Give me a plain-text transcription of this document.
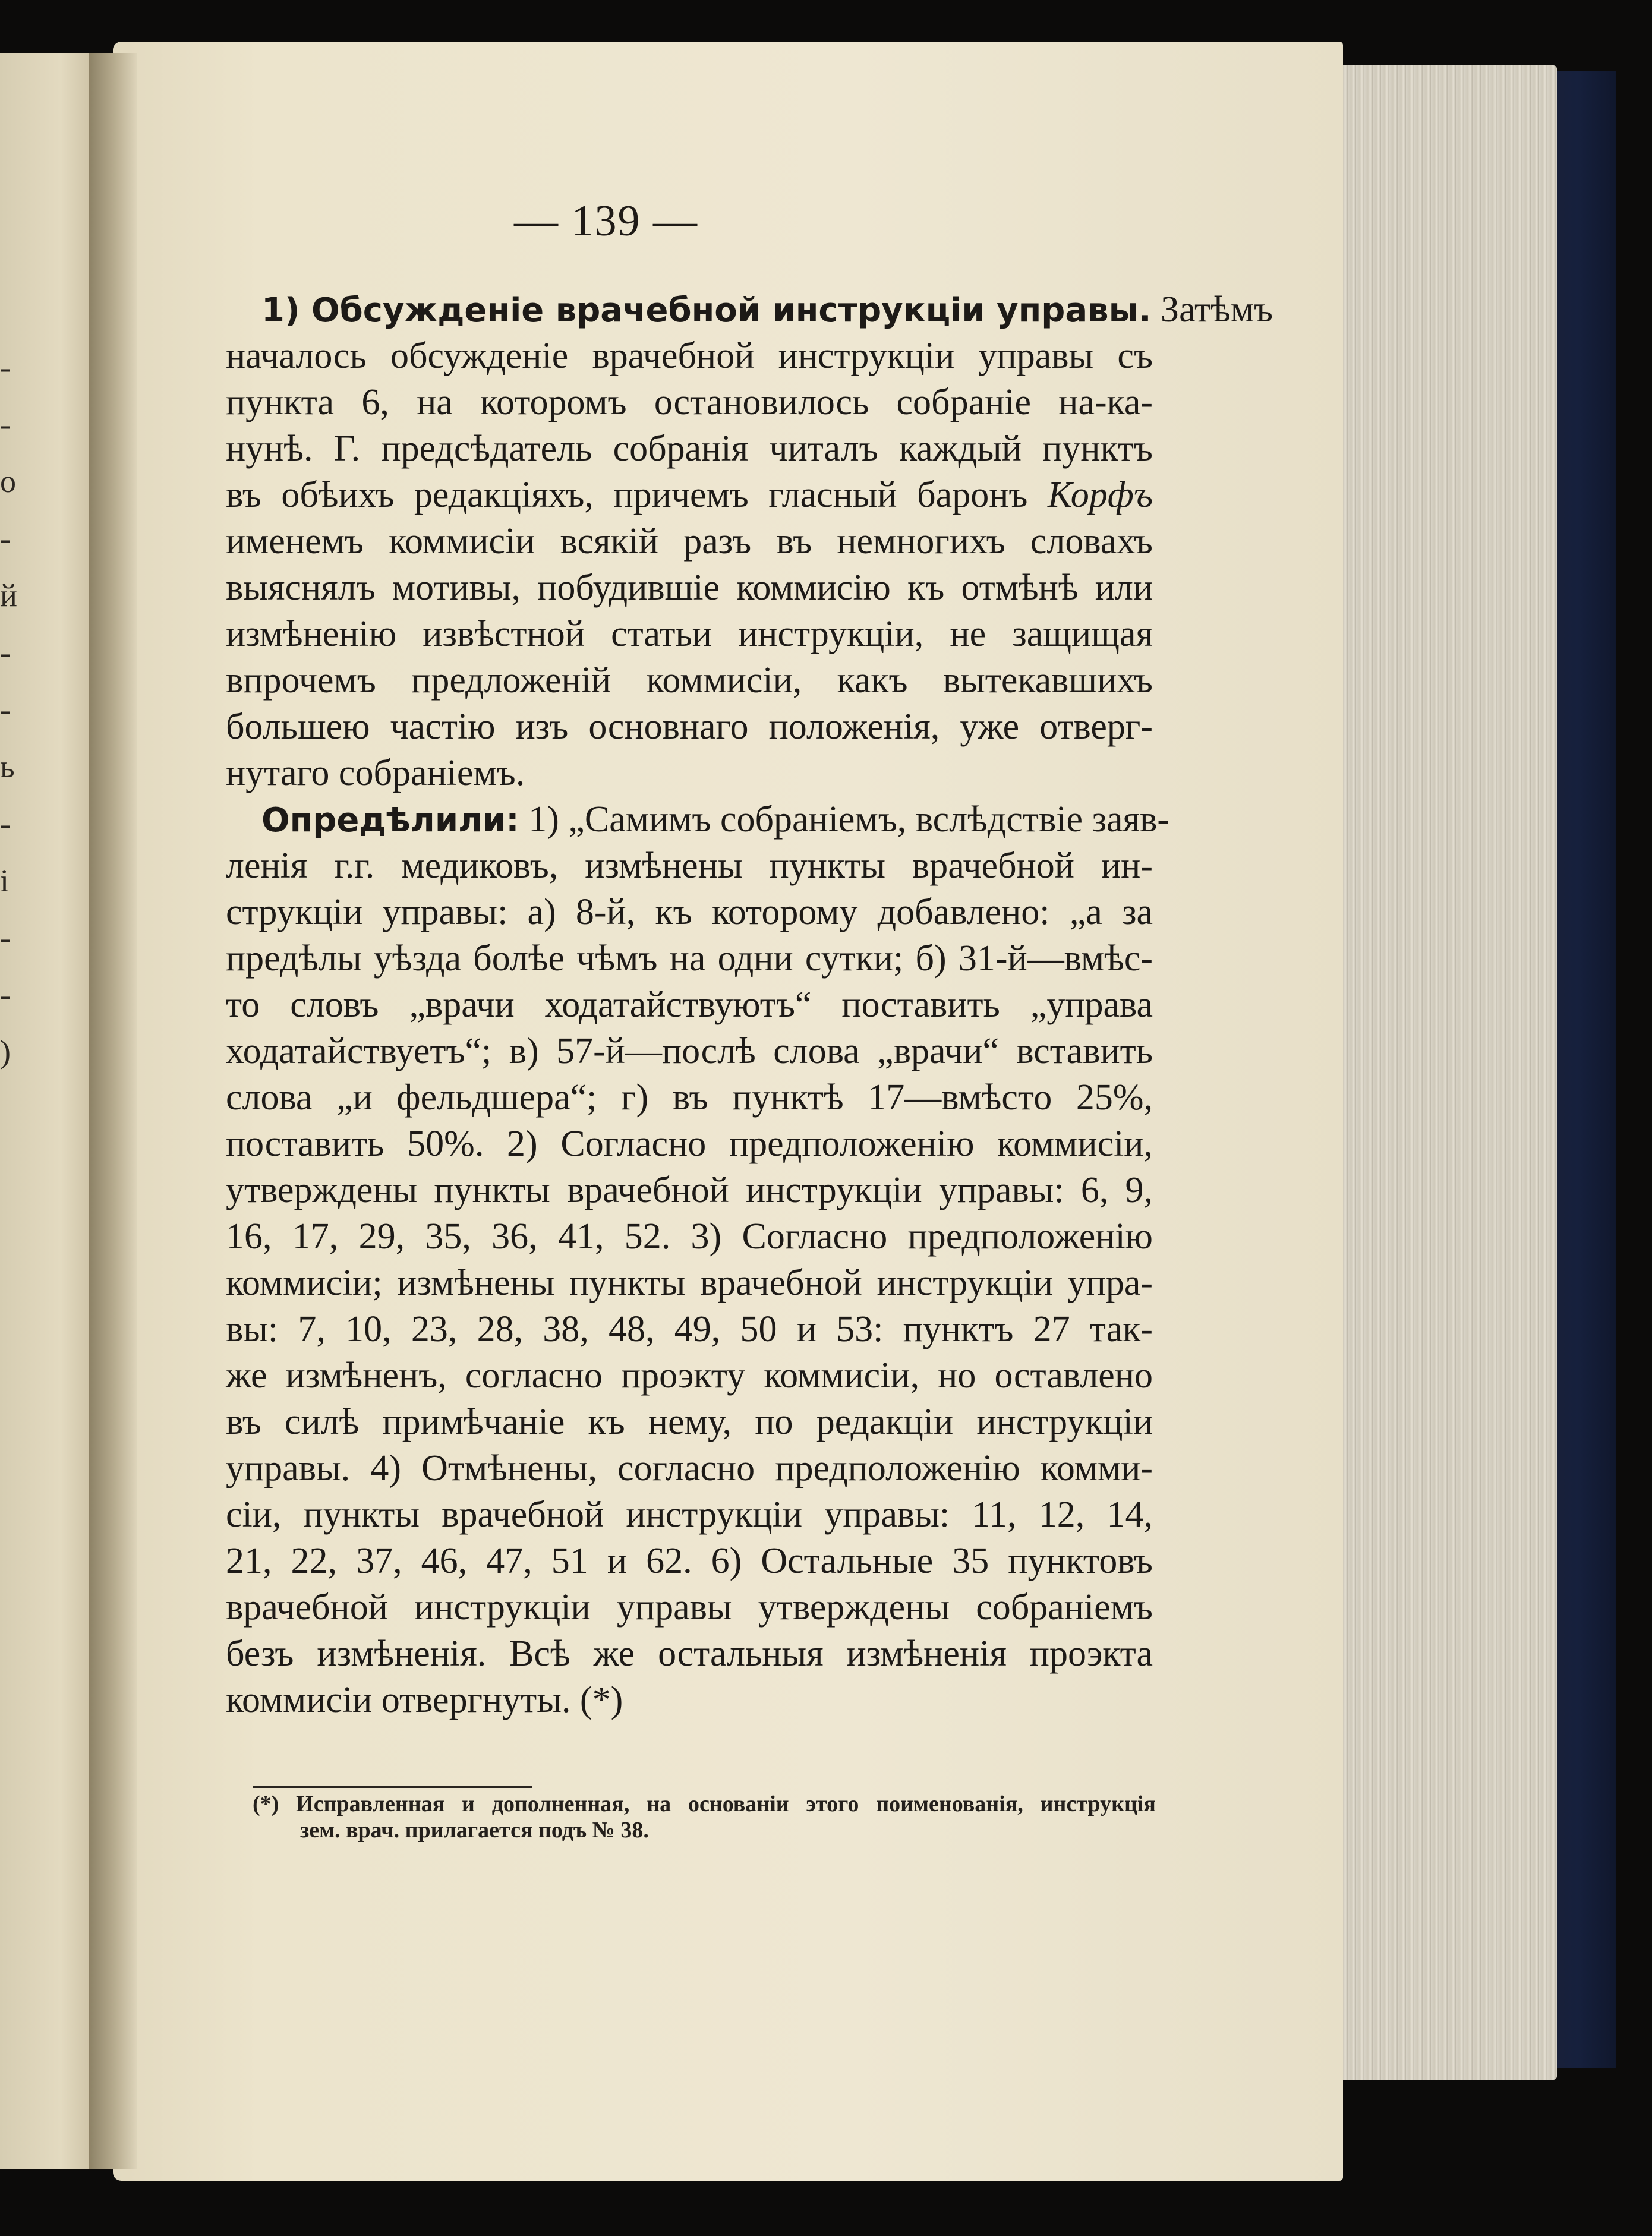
-
-
о
-
й
-
-
ь
-
і
-
-
)
— 139 —
1) Обсужденіе врачебной инструкціи управы. Затѣмъ
началось обсужденіе врачебной инструкціи управы съ
пункта 6, на которомъ остановилось собраніе на-ка-
нунѣ. Г. предсѣдатель собранія читалъ каждый пунктъ
въ обѣихъ редакціяхъ, причемъ гласный баронъ Корфъ
именемъ коммисіи всякій разъ въ немногихъ словахъ
выяснялъ мотивы, побудившіе коммисію къ отмѣнѣ или
измѣненію извѣстной статьи инструкціи, не защищая
впрочемъ предложеній коммисіи, какъ вытекавшихъ
большею частію изъ основнаго положенія, уже отверг-
нутаго собраніемъ.
Опредѣлили: 1) „Самимъ собраніемъ, вслѣдствіе заяв-
ленія г.г. медиковъ, измѣнены пункты врачебной ин-
струкціи управы: а) 8-й, къ которому добавлено: „а за
предѣлы уѣзда болѣе чѣмъ на одни сутки; б) 31-й—вмѣс-
то словъ „врачи ходатайствуютъ“ поставить „управа
ходатайствуетъ“; в) 57-й—послѣ слова „врачи“ вставить
слова „и фельдшера“; г) въ пунктѣ 17—вмѣсто 25%,
поставить 50%. 2) Согласно предположенію коммисіи,
утверждены пункты врачебной инструкціи управы: 6, 9,
16, 17, 29, 35, 36, 41, 52. 3) Согласно предположенію
коммисіи; измѣнены пункты врачебной инструкціи упра-
вы: 7, 10, 23, 28, 38, 48, 49, 50 и 53: пунктъ 27 так-
же измѣненъ, согласно проэкту коммисіи, но оставлено
въ силѣ примѣчаніе къ нему, по редакціи инструкціи
управы. 4) Отмѣнены, согласно предположенію комми-
сіи, пункты врачебной инструкціи управы: 11, 12, 14,
21, 22, 37, 46, 47, 51 и 62. 6) Остальные 35 пунктовъ
врачебной инструкціи управы утверждены собраніемъ
безъ измѣненія. Всѣ же остальныя измѣненія проэкта
коммисіи отвергнуты. (*)
(*) Исправленная и дополненная, на основаніи этого поименованія, инструкція
зем. врач. прилагается подъ № 38.
